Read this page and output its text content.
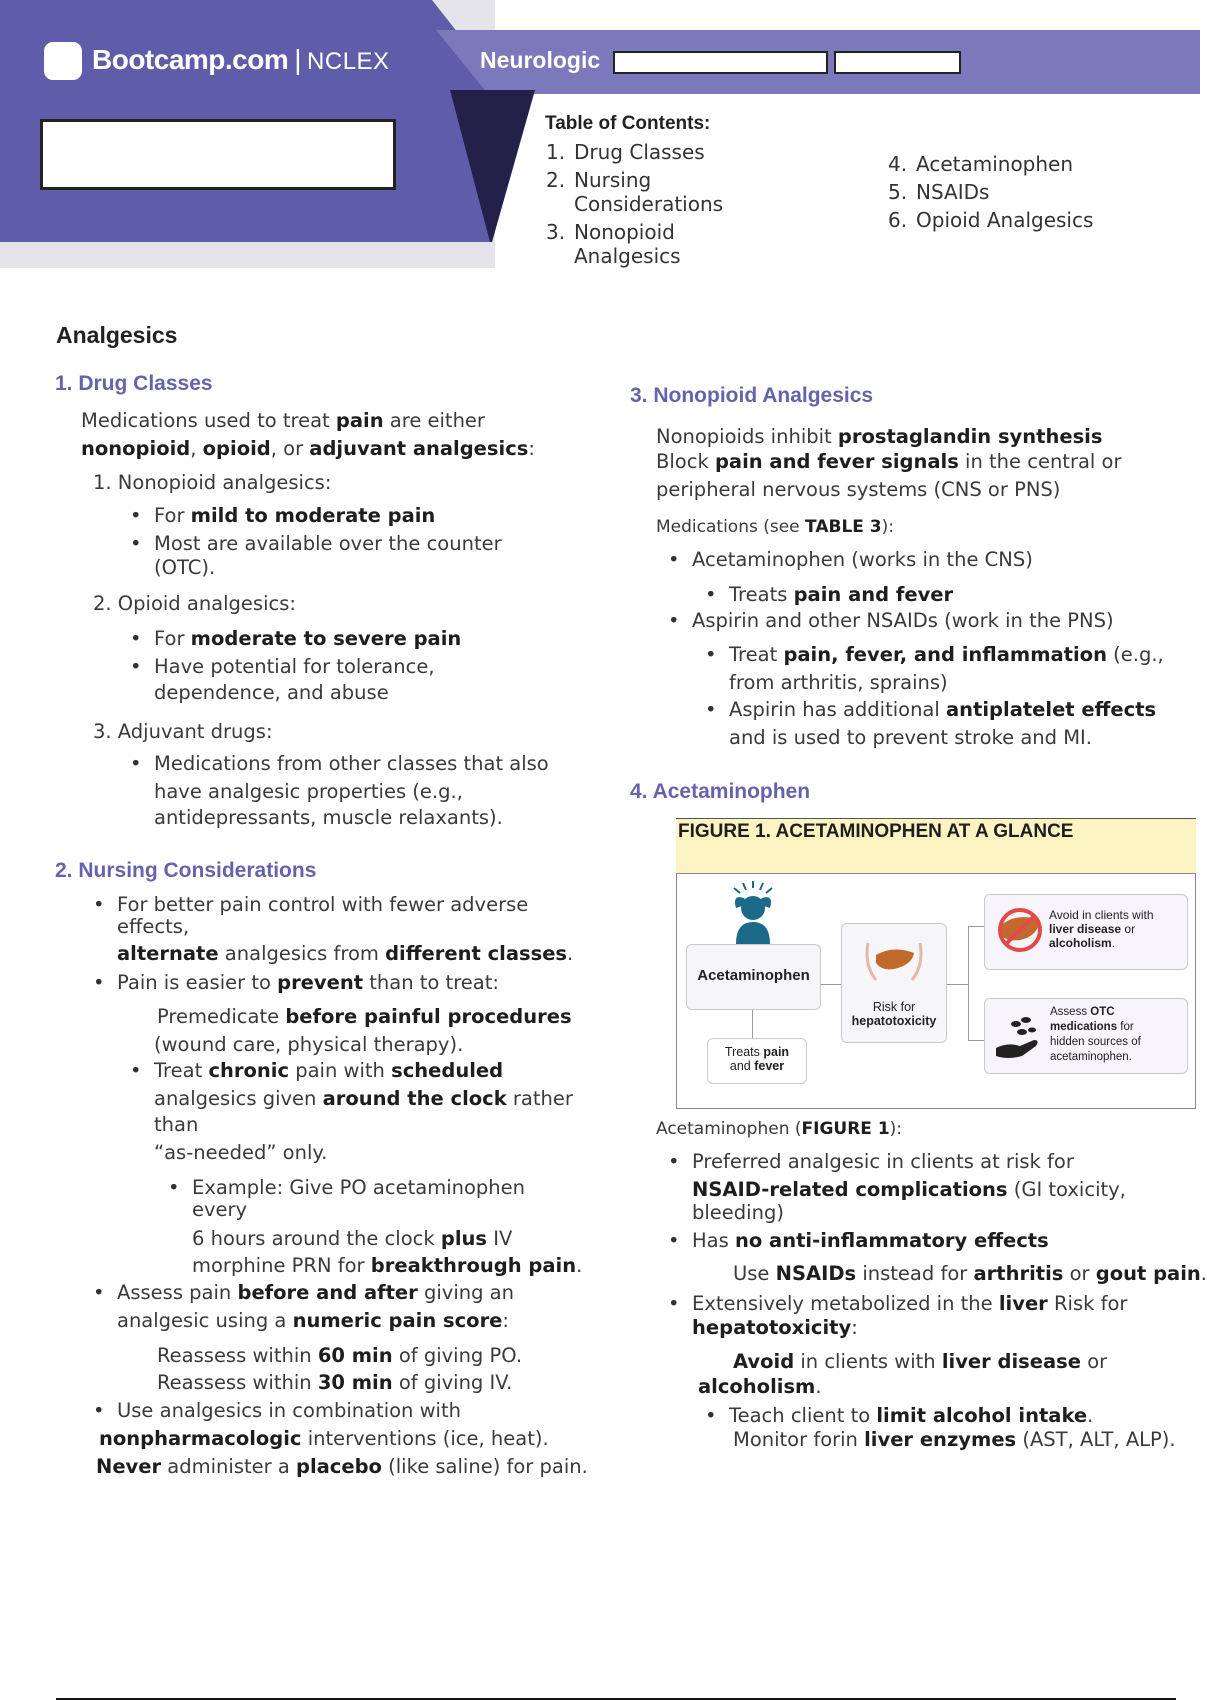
Bootcamp.com | NCLEX	Neurologic
Table of Contents:
1. Drug Classes
2. Nursing Considerations
3. Nonopioid Analgesics
4. Acetaminophen
5. NSAIDs
6. Opioid Analgesics
Analgesics
1. Drug Classes
Medications used to treat pain are either
nonopioid, opioid, or adjuvant analgesics:
1. Nonopioid analgesics:
• For mild to moderate pain
• Most are available over the counter
(OTC).
2. Opioid analgesics:
• For moderate to severe pain
• Have potential for tolerance,
dependence, and abuse
3. Adjuvant drugs:
• Medications from other classes that also
have analgesic properties (e.g.,
antidepressants, muscle relaxants).
2. Nursing Considerations
• For better pain control with fewer adverse
effects,
alternate analgesics from different classes.
• Pain is easier to prevent than to treat:
Premedicate before painful procedures
(wound care, physical therapy).
• Treat chronic pain with scheduled
analgesics given around the clock rather
than
“as-needed” only.
• Example: Give PO acetaminophen
every
6 hours around the clock plus IV
morphine PRN for breakthrough pain.
• Assess pain before and after giving an
analgesic using a numeric pain score:
Reassess within 60 min of giving PO.
Reassess within 30 min of giving IV.
• Use analgesics in combination with
nonpharmacologic interventions (ice, heat).
Never administer a placebo (like saline) for pain.
3. Nonopioid Analgesics
Nonopioids inhibit prostaglandin synthesis
Block pain and fever signals in the central or
peripheral nervous systems (CNS or PNS)
Medications (see TABLE 3):
• Acetaminophen (works in the CNS)
• Treats pain and fever
• Aspirin and other NSAIDs (work in the PNS)
• Treat pain, fever, and inflammation (e.g.,
from arthritis, sprains)
• Aspirin has additional antiplatelet effects
and is used to prevent stroke and MI.
4. Acetaminophen
FIGURE 1. ACETAMINOPHEN AT A GLANCE
Acetaminophen
Treats pain
and fever
Risk for
hepatotoxicity
Avoid in clients with
liver disease or
alcoholism.
Assess OTC
medications for
hidden sources of
acetaminophen.
Acetaminophen (FIGURE 1):
• Preferred analgesic in clients at risk for
NSAID-related complications (GI toxicity,
bleeding)
• Has no anti-inflammatory effects
Use NSAIDs instead for arthritis or gout pain.
• Extensively metabolized in the liver Risk for
hepatotoxicity:
Avoid in clients with liver disease or
alcoholism.
• Teach client to limit alcohol intake.
Monitor forin liver enzymes (AST, ALT, ALP).
